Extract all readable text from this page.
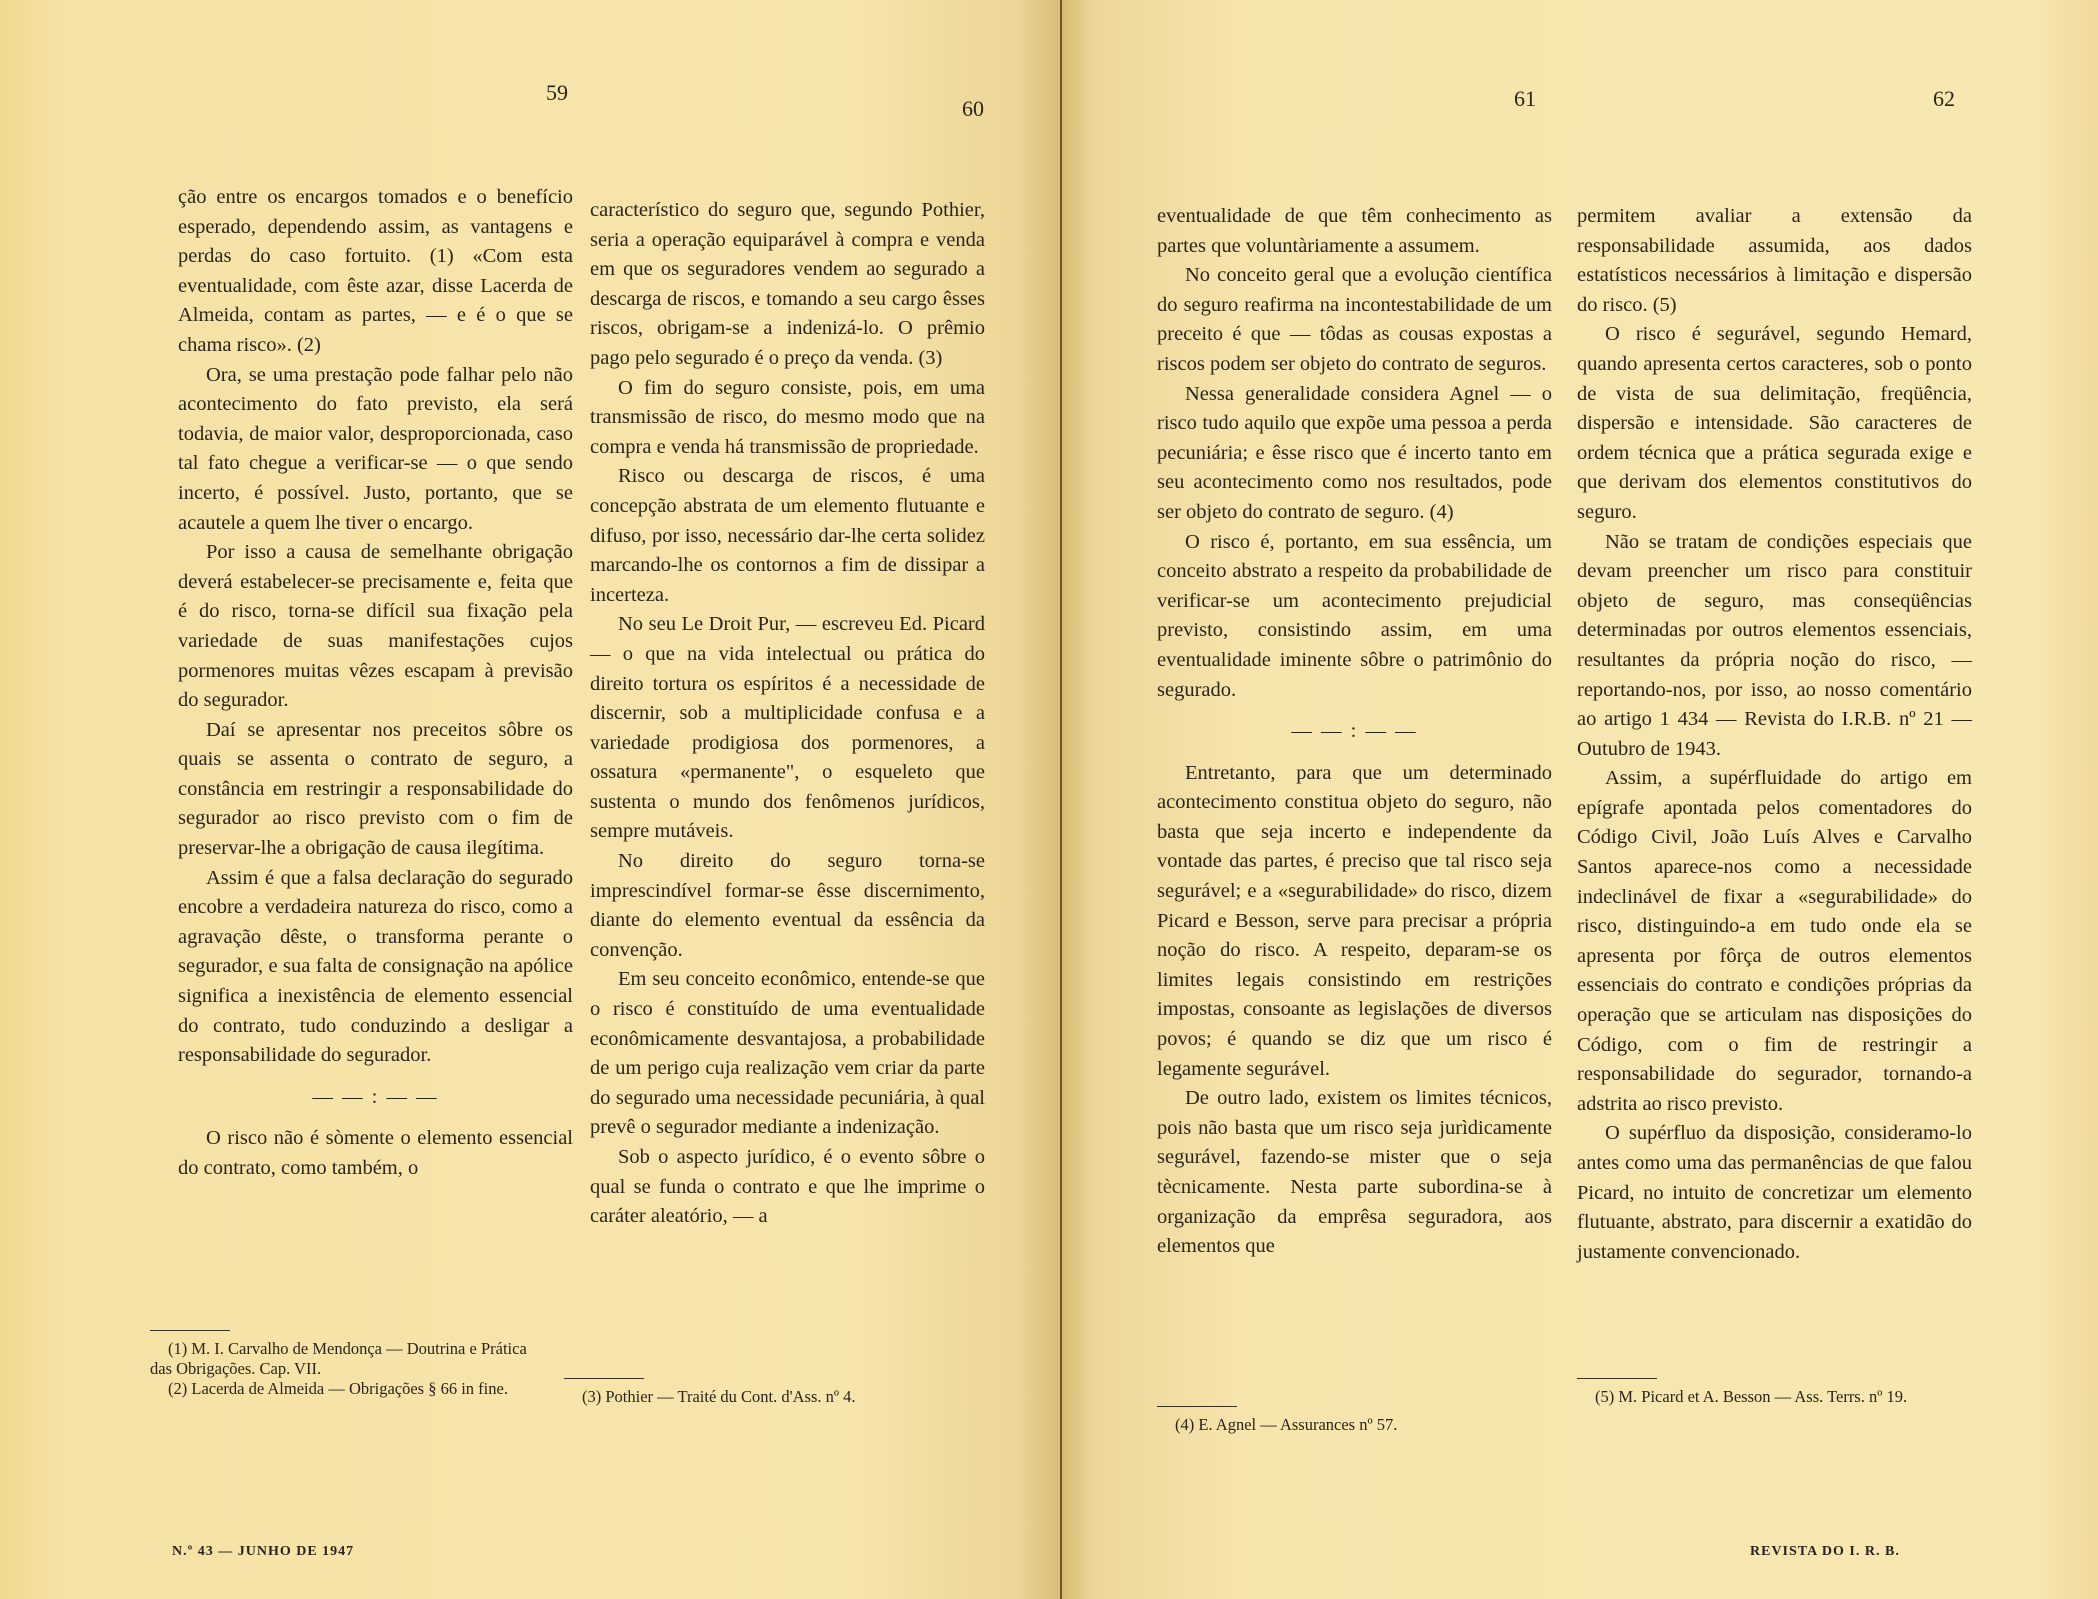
59
60

ção entre os encargos tomados e o benefício esperado, dependendo assim, as vantagens e perdas do caso fortuito. (1) «Com esta eventualidade, com êste azar, disse Lacerda de Almeida, contam as partes, — e é o que se chama risco». (2)

Ora, se uma prestação pode falhar pelo não acontecimento do fato previsto, ela será todavia, de maior valor, desproporcionada, caso tal fato chegue a verificar-se — o que sendo incerto, é possível. Justo, portanto, que se acautele a quem lhe tiver o encargo.

Por isso a causa de semelhante obrigação deverá estabelecer-se precisamente e, feita que é do risco, torna-se difícil sua fixação pela variedade de suas manifestações cujos pormenores muitas vêzes escapam à previsão do segurador.

Daí se apresentar nos preceitos sôbre os quais se assenta o contrato de seguro, a constância em restringir a responsabilidade do segurador ao risco previsto com o fim de preservar-lhe a obrigação de causa ilegítima.

Assim é que a falsa declaração do segurado encobre a verdadeira natureza do risco, como a agravação dêste, o transforma perante o segurador, e sua falta de consignação na apólice significa a inexistência de elemento essencial do contrato, tudo conduzindo a desligar a responsabilidade do segurador.

— — : — —

O risco não é sòmente o elemento essencial do contrato, como também, o

(1) M. I. Carvalho de Mendonça — Doutrina e Prática das Obrigações. Cap. VII.

(2) Lacerda de Almeida — Obrigações § 66 in fine.

característico do seguro que, segundo Pothier, seria a operação equiparável à compra e venda em que os seguradores vendem ao segurado a descarga de riscos, e tomando a seu cargo êsses riscos, obrigam-se a indenizá-lo. O prêmio pago pelo segurado é o preço da venda. (3)

O fim do seguro consiste, pois, em uma transmissão de risco, do mesmo modo que na compra e venda há transmissão de propriedade.

Risco ou descarga de riscos, é uma concepção abstrata de um elemento flutuante e difuso, por isso, necessário dar-lhe certa solidez marcando-lhe os contornos a fim de dissipar a incerteza.

No seu Le Droit Pur, — escreveu Ed. Picard — o que na vida intelectual ou prática do direito tortura os espíritos é a necessidade de discernir, sob a multiplicidade confusa e a variedade prodigiosa dos pormenores, a ossatura «permanente", o esqueleto que sustenta o mundo dos fenômenos jurídicos, sempre mutáveis.

No direito do seguro torna-se imprescindível formar-se êsse discernimento, diante do elemento eventual da essência da convenção.

Em seu conceito econômico, entende-se que o risco é constituído de uma eventualidade econômicamente desvantajosa, a probabilidade de um perigo cuja realização vem criar da parte do segurado uma necessidade pecuniária, à qual prevê o segurador mediante a indenização.

Sob o aspecto jurídico, é o evento sôbre o qual se funda o contrato e que lhe imprime o caráter aleatório, — a

(3) Pothier — Traité du Cont. d'Ass. nº 4.

N.º 43 — JUNHO DE 1947
61	62

eventualidade de que têm conhecimento as partes que voluntàriamente a assumem.

No conceito geral que a evolução científica do seguro reafirma na incontestabilidade de um preceito é que — tôdas as cousas expostas a riscos podem ser objeto do contrato de seguros.

Nessa generalidade considera Agnel — o risco tudo aquilo que expõe uma pessoa a perda pecuniária; e êsse risco que é incerto tanto em seu acontecimento como nos resultados, pode ser objeto do contrato de seguro. (4)

O risco é, portanto, em sua essência, um conceito abstrato a respeito da probabilidade de verificar-se um acontecimento prejudicial previsto, consistindo assim, em uma eventualidade iminente sôbre o patrimônio do segurado.

— — : — —

Entretanto, para que um determinado acontecimento constitua objeto do seguro, não basta que seja incerto e independente da vontade das partes, é preciso que tal risco seja segurável; e a «segurabilidade» do risco, dizem Picard e Besson, serve para precisar a própria noção do risco. A respeito, deparam-se os limites legais consistindo em restrições impostas, consoante as legislações de diversos povos; é quando se diz que um risco é legamente segurável.

De outro lado, existem os limites técnicos, pois não basta que um risco seja jurìdicamente segurável, fazendo-se mister que o seja tècnicamente. Nesta parte subordina-se à organização da emprêsa seguradora, aos elementos que

(4) E. Agnel — Assurances nº 57.

permitem avaliar a extensão da responsabilidade assumida, aos dados estatísticos necessários à limitação e dispersão do risco. (5)

O risco é segurável, segundo Hemard, quando apresenta certos caracteres, sob o ponto de vista de sua delimitação, freqüência, dispersão e intensidade. São caracteres de ordem técnica que a prática segurada exige e que derivam dos elementos constitutivos do seguro.

Não se tratam de condições especiais que devam preencher um risco para constituir objeto de seguro, mas conseqüências determinadas por outros elementos essenciais, resultantes da própria noção do risco, — reportando-nos, por isso, ao nosso comentário ao artigo 1 434 — Revista do I.R.B. nº 21 — Outubro de 1943.

Assim, a supérfluidade do artigo em epígrafe apontada pelos comentadores do Código Civil, João Luís Alves e Carvalho Santos aparece-nos como a necessidade indeclinável de fixar a «segurabilidade» do risco, distinguindo-a em tudo onde ela se apresenta por fôrça de outros elementos essenciais do contrato e condições próprias da operação que se articulam nas disposições do Código, com o fim de restringir a responsabilidade do segurador, tornando-a adstrita ao risco previsto.

O supérfluo da disposição, consideramo-lo antes como uma das permanências de que falou Picard, no intuito de concretizar um elemento flutuante, abstrato, para discernir a exatidão do justamente convencionado.

(5) M. Picard et A. Besson — Ass. Terrs. nº 19.

REVISTA DO I. R. B.
